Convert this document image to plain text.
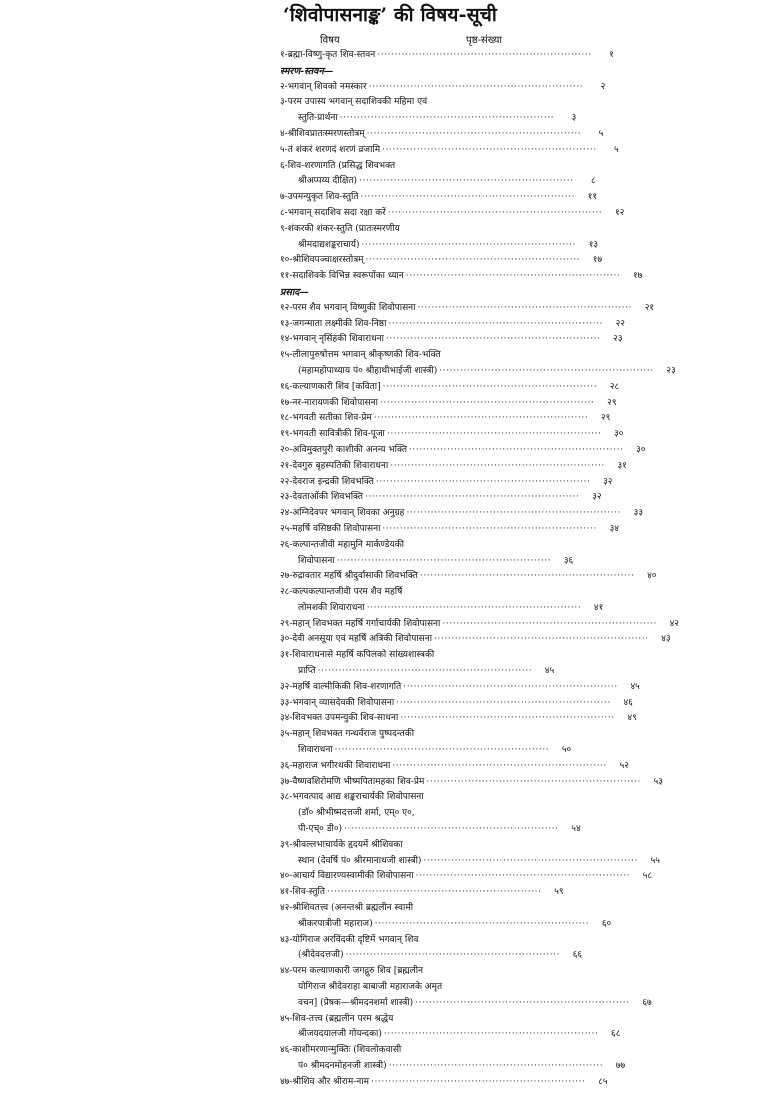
‘शिवोपासनाङ्क’ की विषय-सूची
विषय	पृष्ठ-संख्या
१-ब्रह्मा-विष्णु-कृत शिव-स्तवन ······························································	१
स्मरण-स्तवन—
२-भगवान् शिवको नमस्कार ······························································	२
३-परम उपास्य भगवान् सदाशिवकी महिमा एवं
स्तुति-प्रार्थना ······························································	३
४-श्रीशिवप्रातःस्मरणस्तोत्रम् ······························································	५
५-तं शंकरं शरणदं शरणं व्रजामि ······························································	५
६-शिव-शरणागति (प्रसिद्ध शिवभक्त
श्रीअप्पय्य दीक्षित) ······························································	८
७-उपमन्युकृत शिव-स्तुति ······························································	११
८-भगवान् सदाशिव सदा रक्षा करें ······························································	१२
९-शंकरकी शंकर-स्तुति (प्रातःस्मरणीय
श्रीमदाद्यशङ्कराचार्य) ······························································	१३
१०-श्रीशिवपञ्चाक्षरस्तोत्रम् ······························································	१७
११-सदाशिवके विभिन्न स्वरूपोंका ध्यान ······························································	१७
प्रसाद—
१२-परम शैव भगवान् विष्णुकी शिवोपासना ······························································	२१
१३-जगन्माता लक्ष्मीकी शिव-निष्ठा ······························································	२२
१४-भगवान् नृसिंहकी शिवाराधना ······························································	२३
१५-लीलापुरुषोत्तम भगवान् श्रीकृष्णकी शिव-भक्ति
(महामहोपाध्याय पं० श्रीहाथीभाईजी शास्त्री) ······························································	२३
१६-कल्याणकारी शिव [कविता] ······························································	२८
१७-नर-नारायणकी शिवोपासना ······························································	२९
१८-भगवती सतीका शिव-प्रेम ······························································	२९
१९-भगवती सावित्रीकी शिव-पूजा ······························································	३०
२०-अविमुक्तपुरी काशीकी अनन्य भक्ति ······························································	३०
२१-देवगुरु बृहस्पतिकी शिवाराधना ······························································	३१
२२-देवराज इन्द्रकी शिवभक्ति ······························································	३२
२३-देवताओंकी शिवभक्ति ······························································	३२
२४-अग्निदेवपर भगवान् शिवका अनुग्रह ······························································	३३
२५-महर्षि वसिष्ठकी शिवोपासना ······························································	३४
२६-कल्पान्तजीवी महामुनि मार्कण्डेयकी
शिवोपासना ······························································	३६
२७-रुद्रावतार महर्षि श्रीदुर्वासाकी शिवभक्ति ······························································	४०
२८-कल्पकल्पान्तजीवी परम शैव महर्षि
लोमशकी शिवाराधना ······························································	४१
२९-महान् शिवभक्त महर्षि गर्गाचार्यकी शिवोपासना ······························································	४२
३०-देवी अनसूया एवं महर्षि अत्रिकी शिवोपासना ······························································	४३
३१-शिवाराधनासे महर्षि कपिलको सांख्यशास्त्रकी
प्राप्ति ······························································	४५
३२-महर्षि वाल्मीकिकी शिव-शरणागति ······························································	४५
३३-भगवान् व्यासदेवकी शिवोपासना ······························································	४६
३४-शिवभक्त उपमन्युकी शिव-साधना ······························································	४९
३५-महान् शिवभक्त गन्धर्वराज पुष्पदन्तकी
शिवाराधना ······························································	५०
३६-महाराज भगीरथकी शिवाराधना ······························································	५२
३७-वैष्णवशिरोमणि भीष्मपितामहका शिव-प्रेम ······························································	५३
३८-भगवत्पाद आद्य शङ्कराचार्यकी शिवोपासना
(डॉ० श्रीभीष्मदत्तजी शर्मा, एम्० ए०,
पी-एच्० डी०) ······························································	५४
३९-श्रीवल्लभाचार्यके हृदयमें श्रीशिवका
स्थान (देवर्षि पं० श्रीरमानाथजी शास्त्री) ······························································	५५
४०-आचार्य विद्यारण्यस्वामीकी शिवोपासना ······························································	५८
४१-शिव-स्तुति ······························································	५९
४२-श्रीशिवतत्त्व (अनन्तश्री ब्रह्मलीन स्वामी
श्रीकरपात्रीजी महाराज) ······························································	६०
४३-योगिराज अरविंदकी दृष्टिमें भगवान् शिव
(श्रीदेवदत्तजी) ······························································	६६
४४-परम कल्याणकारी जगद्गुरु शिव [ब्रह्मलीन
योगिराज श्रीदेवराहा बाबाजी महाराजके अमृत
वचन] (प्रेषक—श्रीमदनशर्मा शास्त्री) ······························································	६७
४५-शिव-तत्त्व (ब्रह्मलीन परम श्रद्धेय
श्रीजयदयालजी गोयन्दका) ······························································	६८
४६-काशीमरणान्मुक्तिः (शिवलोकवासी
पं० श्रीमदनमोहनजी शास्त्री) ······························································	७७
४७-श्रीशिव और श्रीराम-नाम ······························································	८५
